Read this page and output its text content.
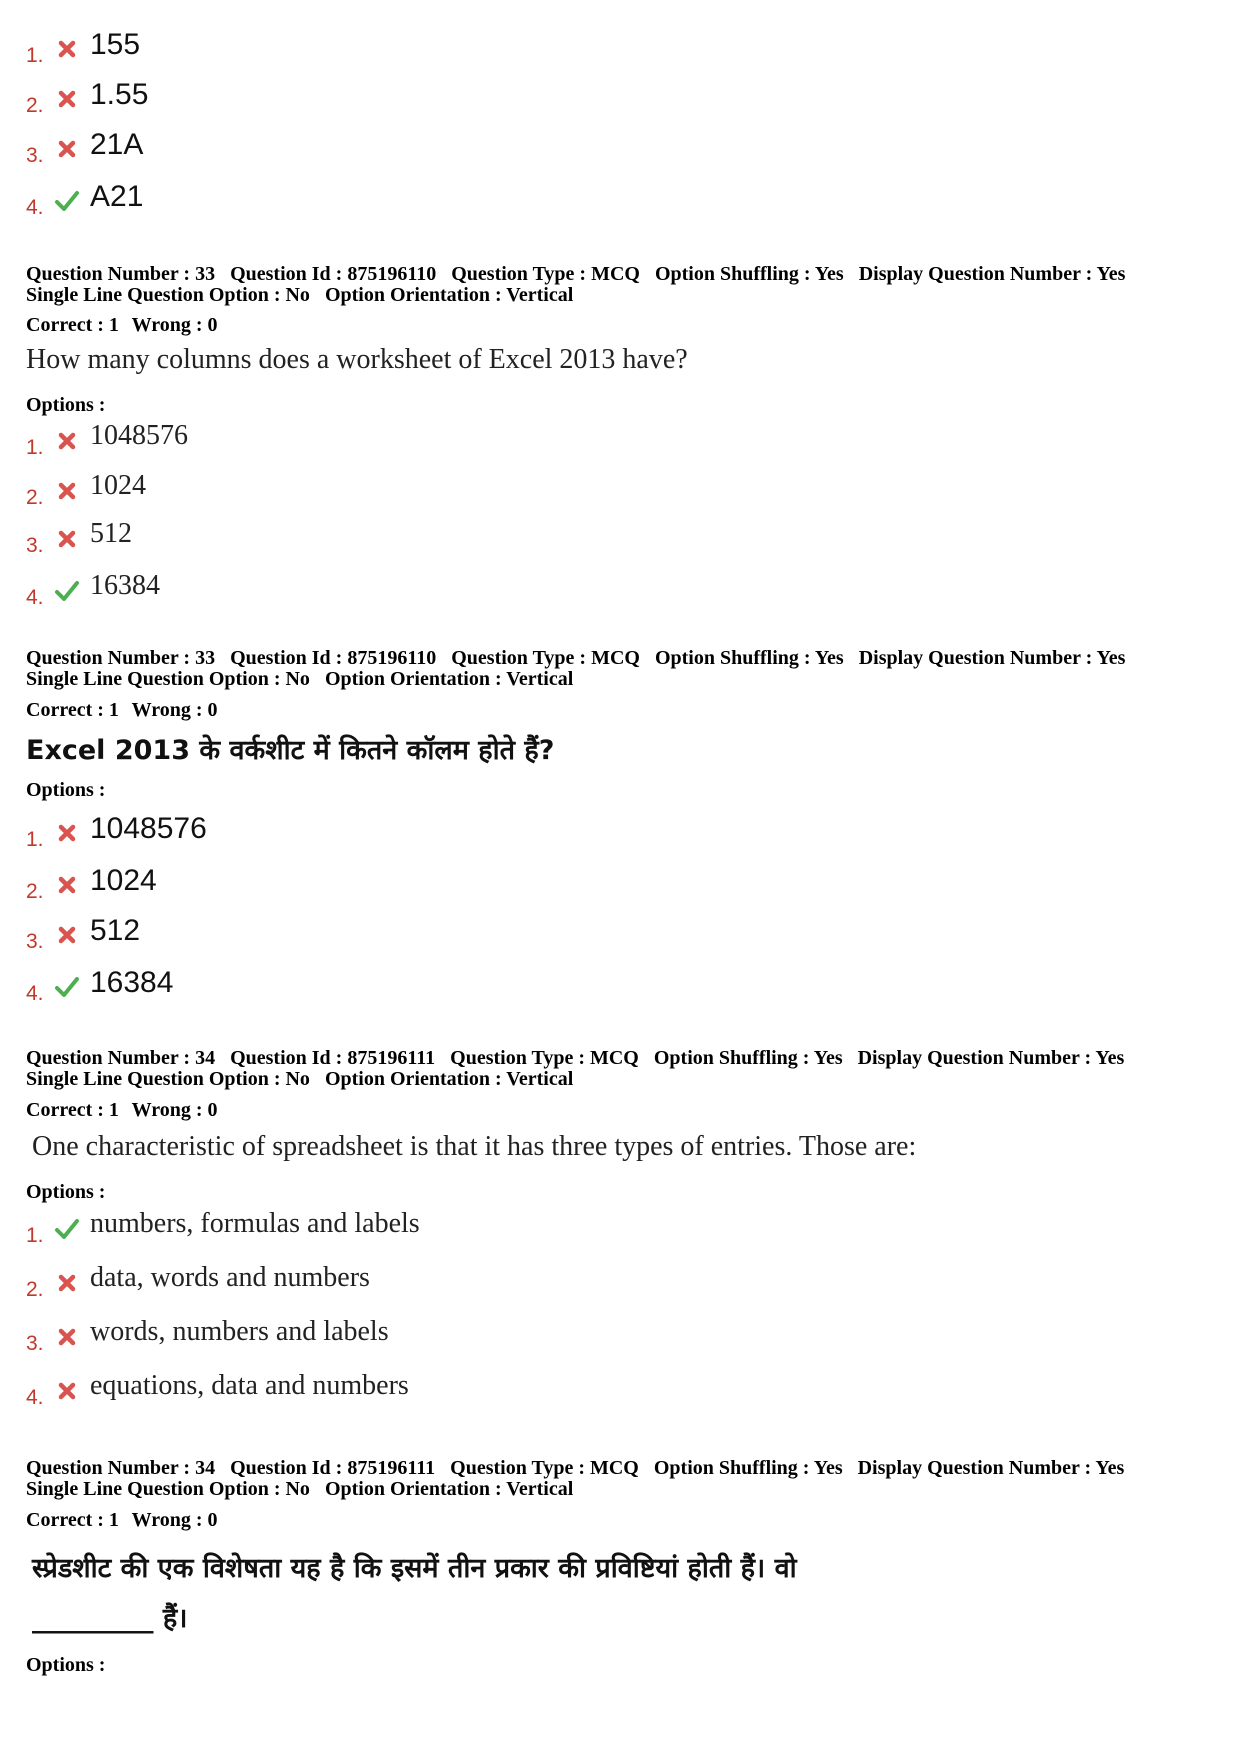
1. 155
2. 1.55
3. 21A
4. A21
Question Number : 33 Question Id : 875196110 Question Type : MCQ Option Shuffling : Yes Display Question Number : Yes
Single Line Question Option : No Option Orientation : Vertical
Correct : 1 Wrong : 0
How many columns does a worksheet of Excel 2013 have?
Options :
1. 1048576
2. 1024
3. 512
4. 16384
Question Number : 33 Question Id : 875196110 Question Type : MCQ Option Shuffling : Yes Display Question Number : Yes
Single Line Question Option : No Option Orientation : Vertical
Correct : 1 Wrong : 0
Excel 2013 के वर्कशीट में कितने कॉलम होते हैं?
Options :
1. 1048576
2. 1024
3. 512
4. 16384
Question Number : 34 Question Id : 875196111 Question Type : MCQ Option Shuffling : Yes Display Question Number : Yes
Single Line Question Option : No Option Orientation : Vertical
Correct : 1 Wrong : 0
One characteristic of spreadsheet is that it has three types of entries. Those are:
Options :
1. numbers, formulas and labels
2. data, words and numbers
3. words, numbers and labels
4. equations, data and numbers
Question Number : 34 Question Id : 875196111 Question Type : MCQ Option Shuffling : Yes Display Question Number : Yes
Single Line Question Option : No Option Orientation : Vertical
Correct : 1 Wrong : 0
स्प्रेडशीट की एक विशेषता यह है कि इसमें तीन प्रकार की प्रविष्टियां होती हैं। वो
_________ हैं।
Options :
